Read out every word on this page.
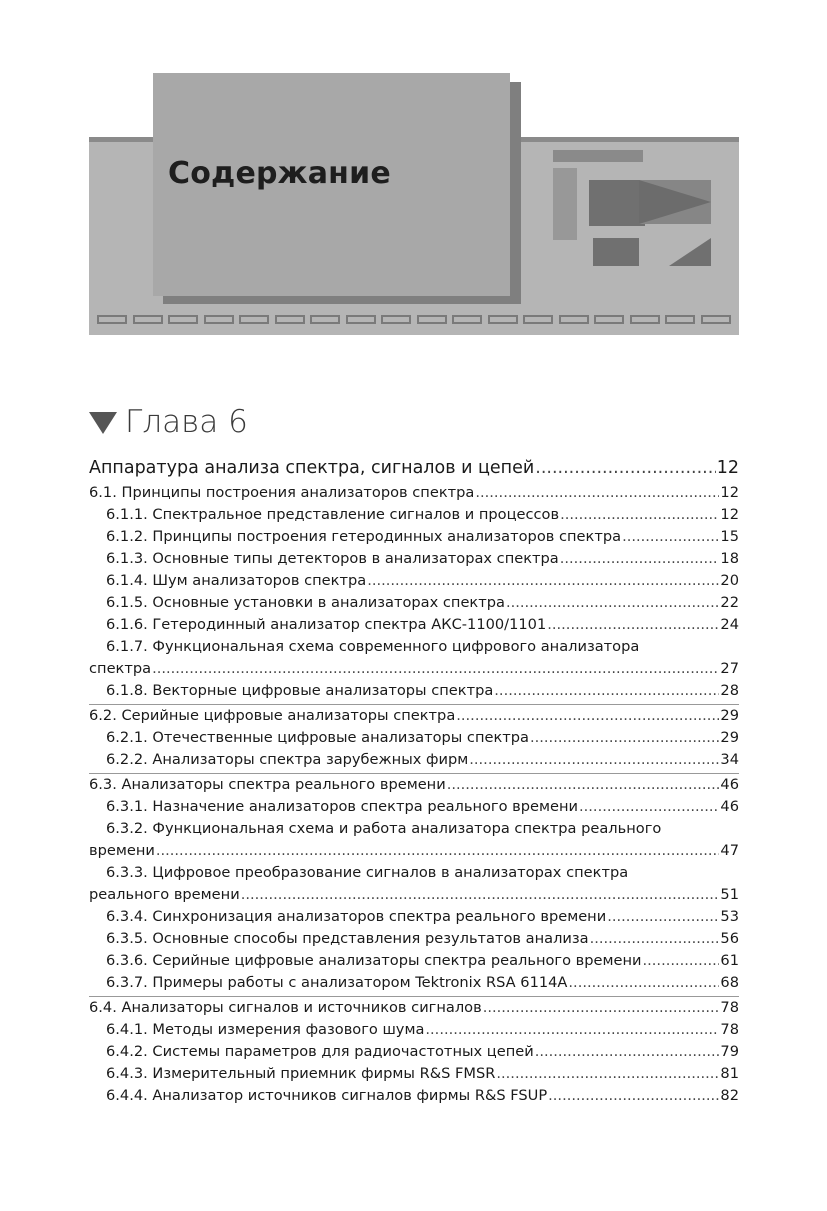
Содержание
Глава 6
Аппаратура анализа спектра, сигналов и цепей .....	12
6.1. Принципы построения анализаторов спектра .....	12
6.1.1. Спектральное представление сигналов и процессов .....	12
6.1.2. Принципы построения гетеродинных анализаторов спектра .....	15
6.1.3. Основные типы детекторов в анализаторах спектра .....	18
6.1.4. Шум анализаторов спектра .....	20
6.1.5. Основные установки в анализаторах спектра .....	22
6.1.6. Гетеродинный анализатор спектра АКС-1100/1101 .....	24
6.1.7. Функциональная схема современного цифрового анализатора
спектра .....	27
6.1.8. Векторные цифровые анализаторы спектра .....	28
6.2. Серийные цифровые анализаторы спектра .....	29
6.2.1. Отечественные цифровые анализаторы спектра .....	29
6.2.2. Анализаторы спектра зарубежных фирм .....	34
6.3. Анализаторы спектра реального времени .....	46
6.3.1. Назначение анализаторов спектра реального времени .....	46
6.3.2. Функциональная схема и работа анализатора спектра реального
времени .....	47
6.3.3. Цифровое преобразование сигналов в анализаторах спектра
реального времени .....	51
6.3.4. Синхронизация анализаторов спектра реального времени .....	53
6.3.5. Основные способы представления результатов анализа .....	56
6.3.6. Серийные цифровые анализаторы спектра реального времени .....	61
6.3.7. Примеры работы с анализатором Tektronix RSA 6114A .....	68
6.4. Анализаторы сигналов и источников сигналов .....	78
6.4.1. Методы измерения фазового шума .....	78
6.4.2. Системы параметров для радиочастотных цепей .....	79
6.4.3. Измерительный приемник фирмы R&S FMSR .....	81
6.4.4. Анализатор источников сигналов фирмы R&S FSUP .....	82
